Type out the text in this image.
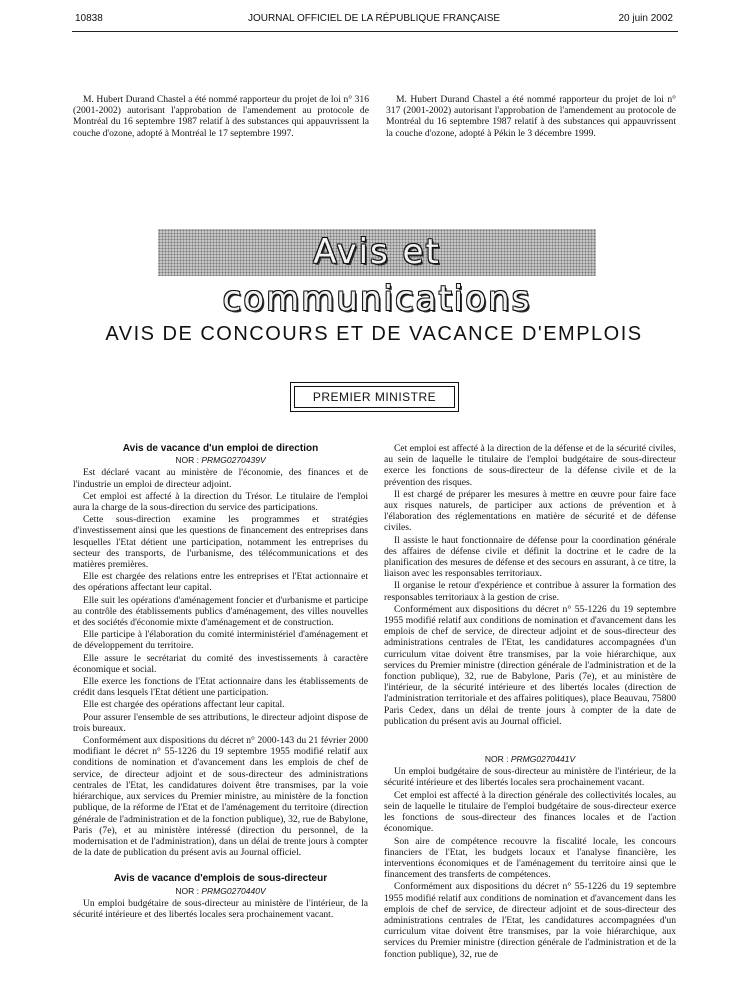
10838	JOURNAL OFFICIEL DE LA RÉPUBLIQUE FRANÇAISE	20 juin 2002

M. Hubert Durand Chastel a été nommé rapporteur du projet de loi n° 316 (2001-2002) autorisant l'approbation de l'amendement au protocole de Montréal du 16 septembre 1987 relatif à des substances qui appauvrissent la couche d'ozone, adopté à Montréal le 17 septembre 1997.

M. Hubert Durand Chastel a été nommé rapporteur du projet de loi n° 317 (2001-2002) autorisant l'approbation de l'amendement au protocole de Montréal du 16 septembre 1987 relatif à des substances qui appauvrissent la couche d'ozone, adopté à Pékin le 3 décembre 1999.

Avis et communications
AVIS DE CONCOURS ET DE VACANCE D'EMPLOIS
PREMIER MINISTRE

Avis de vacance d'un emploi de direction

NOR : PRMG0270439V

Est déclaré vacant au ministère de l'économie, des finances et de l'industrie un emploi de directeur adjoint.

Cet emploi est affecté à la direction du Trésor. Le titulaire de l'emploi aura la charge de la sous-direction du service des participations.

Cette sous-direction examine les programmes et stratégies d'investissement ainsi que les questions de financement des entreprises dans lesquelles l'Etat détient une participation, notamment les entreprises du secteur des transports, de l'urbanisme, des télécommunications et des matières premières.

Elle est chargée des relations entre les entreprises et l'Etat actionnaire et des opérations affectant leur capital.

Elle suit les opérations d'aménagement foncier et d'urbanisme et participe au contrôle des établissements publics d'aménagement, des villes nouvelles et des sociétés d'économie mixte d'aménagement et de construction.

Elle participe à l'élaboration du comité interministériel d'aménagement et de développement du territoire.

Elle assure le secrétariat du comité des investissements à caractère économique et social.

Elle exerce les fonctions de l'Etat actionnaire dans les établissements de crédit dans lesquels l'Etat détient une participation.

Elle est chargée des opérations affectant leur capital.

Pour assurer l'ensemble de ses attributions, le directeur adjoint dispose de trois bureaux.

Conformément aux dispositions du décret n° 2000-143 du 21 février 2000 modifiant le décret n° 55-1226 du 19 septembre 1955 modifié relatif aux conditions de nomination et d'avancement dans les emplois de chef de service, de directeur adjoint et de sous-directeur des administrations centrales de l'Etat, les candidatures doivent être transmises, par la voie hiérarchique, aux services du Premier ministre, au ministère de la fonction publique, de la réforme de l'Etat et de l'aménagement du territoire (direction générale de l'administration et de la fonction publique), 32, rue de Babylone, Paris (7e), et au ministère intéressé (direction du personnel, de la modernisation et de l'administration), dans un délai de trente jours à compter de la date de publication du présent avis au Journal officiel.

Avis de vacance d'emplois de sous-directeur

NOR : PRMG0270440V

Un emploi budgétaire de sous-directeur au ministère de l'intérieur, de la sécurité intérieure et des libertés locales sera prochainement vacant.

Cet emploi est affecté à la direction de la défense et de la sécurité civiles, au sein de laquelle le titulaire de l'emploi budgétaire de sous-directeur exerce les fonctions de sous-directeur de la défense civile et de la prévention des risques.

Il est chargé de préparer les mesures à mettre en œuvre pour faire face aux risques naturels, de participer aux actions de prévention et à l'élaboration des réglementations en matière de sécurité et de défense civiles.

Il assiste le haut fonctionnaire de défense pour la coordination générale des affaires de défense civile et définit la doctrine et le cadre de la planification des mesures de défense et des secours en assurant, à ce titre, la liaison avec les responsables territoriaux.

Il organise le retour d'expérience et contribue à assurer la formation des responsables territoriaux à la gestion de crise.

Conformément aux dispositions du décret n° 55-1226 du 19 septembre 1955 modifié relatif aux conditions de nomination et d'avancement dans les emplois de chef de service, de directeur adjoint et de sous-directeur des administrations centrales de l'Etat, les candidatures accompagnées d'un curriculum vitae doivent être transmises, par la voie hiérarchique, aux services du Premier ministre (direction générale de l'administration et de la fonction publique), 32, rue de Babylone, Paris (7e), et au ministère de l'intérieur, de la sécurité intérieure et des libertés locales (direction de l'administration territoriale et des affaires politiques), place Beauvau, 75800 Paris Cedex, dans un délai de trente jours à compter de la date de publication du présent avis au Journal officiel.

NOR : PRMG0270441V

Un emploi budgétaire de sous-directeur au ministère de l'intérieur, de la sécurité intérieure et des libertés locales sera prochainement vacant.

Cet emploi est affecté à la direction générale des collectivités locales, au sein de laquelle le titulaire de l'emploi budgétaire de sous-directeur exerce les fonctions de sous-directeur des finances locales et de l'action économique.

Son aire de compétence recouvre la fiscalité locale, les concours financiers de l'Etat, les budgets locaux et l'analyse financière, les interventions économiques et de l'aménagement du territoire ainsi que le financement des transferts de compétences.

Conformément aux dispositions du décret n° 55-1226 du 19 septembre 1955 modifié relatif aux conditions de nomination et d'avancement dans les emplois de chef de service, de directeur adjoint et de sous-directeur des administrations centrales de l'Etat, les candidatures accompagnées d'un curriculum vitae doivent être transmises, par la voie hiérarchique, aux services du Premier ministre (direction générale de l'administration et de la fonction publique), 32, rue de
